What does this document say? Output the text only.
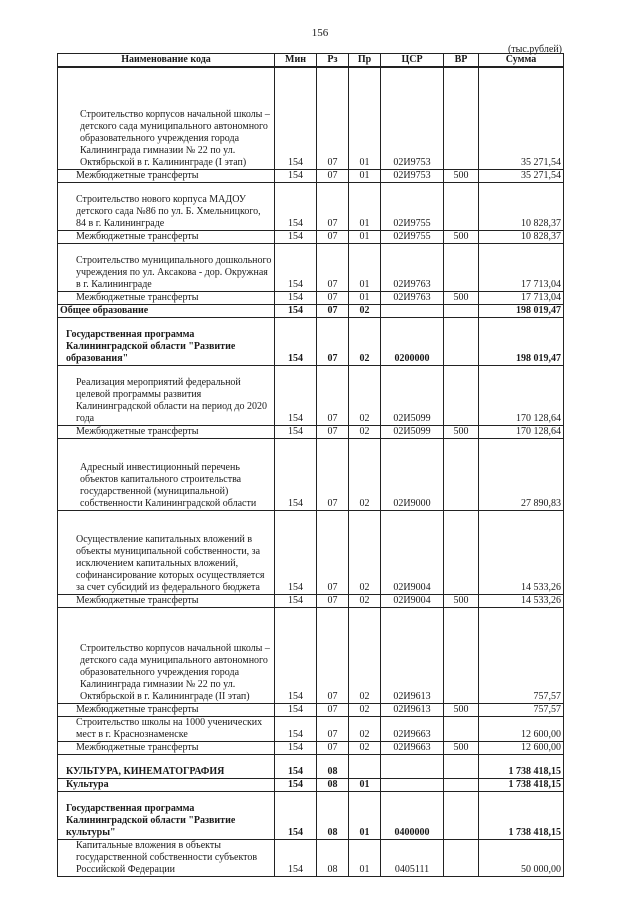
156
(тыс.рублей)
Наименование кода	Мин	Рз	Пр	ЦСР	ВР	Сумма
Строительство корпусов начальной школы – детского сада муниципального автономного образовательного учреждения города Калининграда гимназии № 22 по ул. Октябрьской в г. Калининграде (I этап)	154	07	01	02И9753		35 271,54
Межбюджетные трансферты	154	07	01	02И9753	500	35 271,54
Строительство нового корпуса МАДОУ детского сада №86 по ул. Б. Хмельницкого, 84 в г. Калининграде	154	07	01	02И9755		10 828,37
Межбюджетные трансферты	154	07	01	02И9755	500	10 828,37
Строительство муниципального дошкольного учреждения по ул. Аксакова - дор. Окружная в г. Калининграде	154	07	01	02И9763		17 713,04
Межбюджетные трансферты	154	07	01	02И9763	500	17 713,04
Общее образование	154	07	02			198 019,47
Государственная программа Калининградской области "Развитие образования"	154	07	02	0200000		198 019,47
Реализация мероприятий федеральной целевой программы развития Калининградской области на период до 2020 года	154	07	02	02И5099		170 128,64
Межбюджетные трансферты	154	07	02	02И5099	500	170 128,64
Адресный инвестиционный перечень объектов капитального строительства государственной (муниципальной) собственности Калининградской области	154	07	02	02И9000		27 890,83
Осуществление капитальных вложений в объекты муниципальной собственности, за исключением капитальных вложений, софинансирование которых осуществляется за счет субсидий из федерального бюджета	154	07	02	02И9004		14 533,26
Межбюджетные трансферты	154	07	02	02И9004	500	14 533,26
Строительство корпусов начальной школы – детского сада муниципального автономного образовательного учреждения города Калининграда гимназии № 22 по ул. Октябрьской в г. Калининграде (II этап)	154	07	02	02И9613		757,57
Межбюджетные трансферты	154	07	02	02И9613	500	757,57
Строительство школы на 1000 ученических мест в г. Краснознаменске	154	07	02	02И9663		12 600,00
Межбюджетные трансферты	154	07	02	02И9663	500	12 600,00
КУЛЬТУРА, КИНЕМАТОГРАФИЯ	154	08				1 738 418,15
Культура	154	08	01			1 738 418,15
Государственная программа Калининградской области "Развитие культуры"	154	08	01	0400000		1 738 418,15
Капитальные вложения в объекты государственной собственности субъектов Российской Федерации	154	08	01	0405111		50 000,00
